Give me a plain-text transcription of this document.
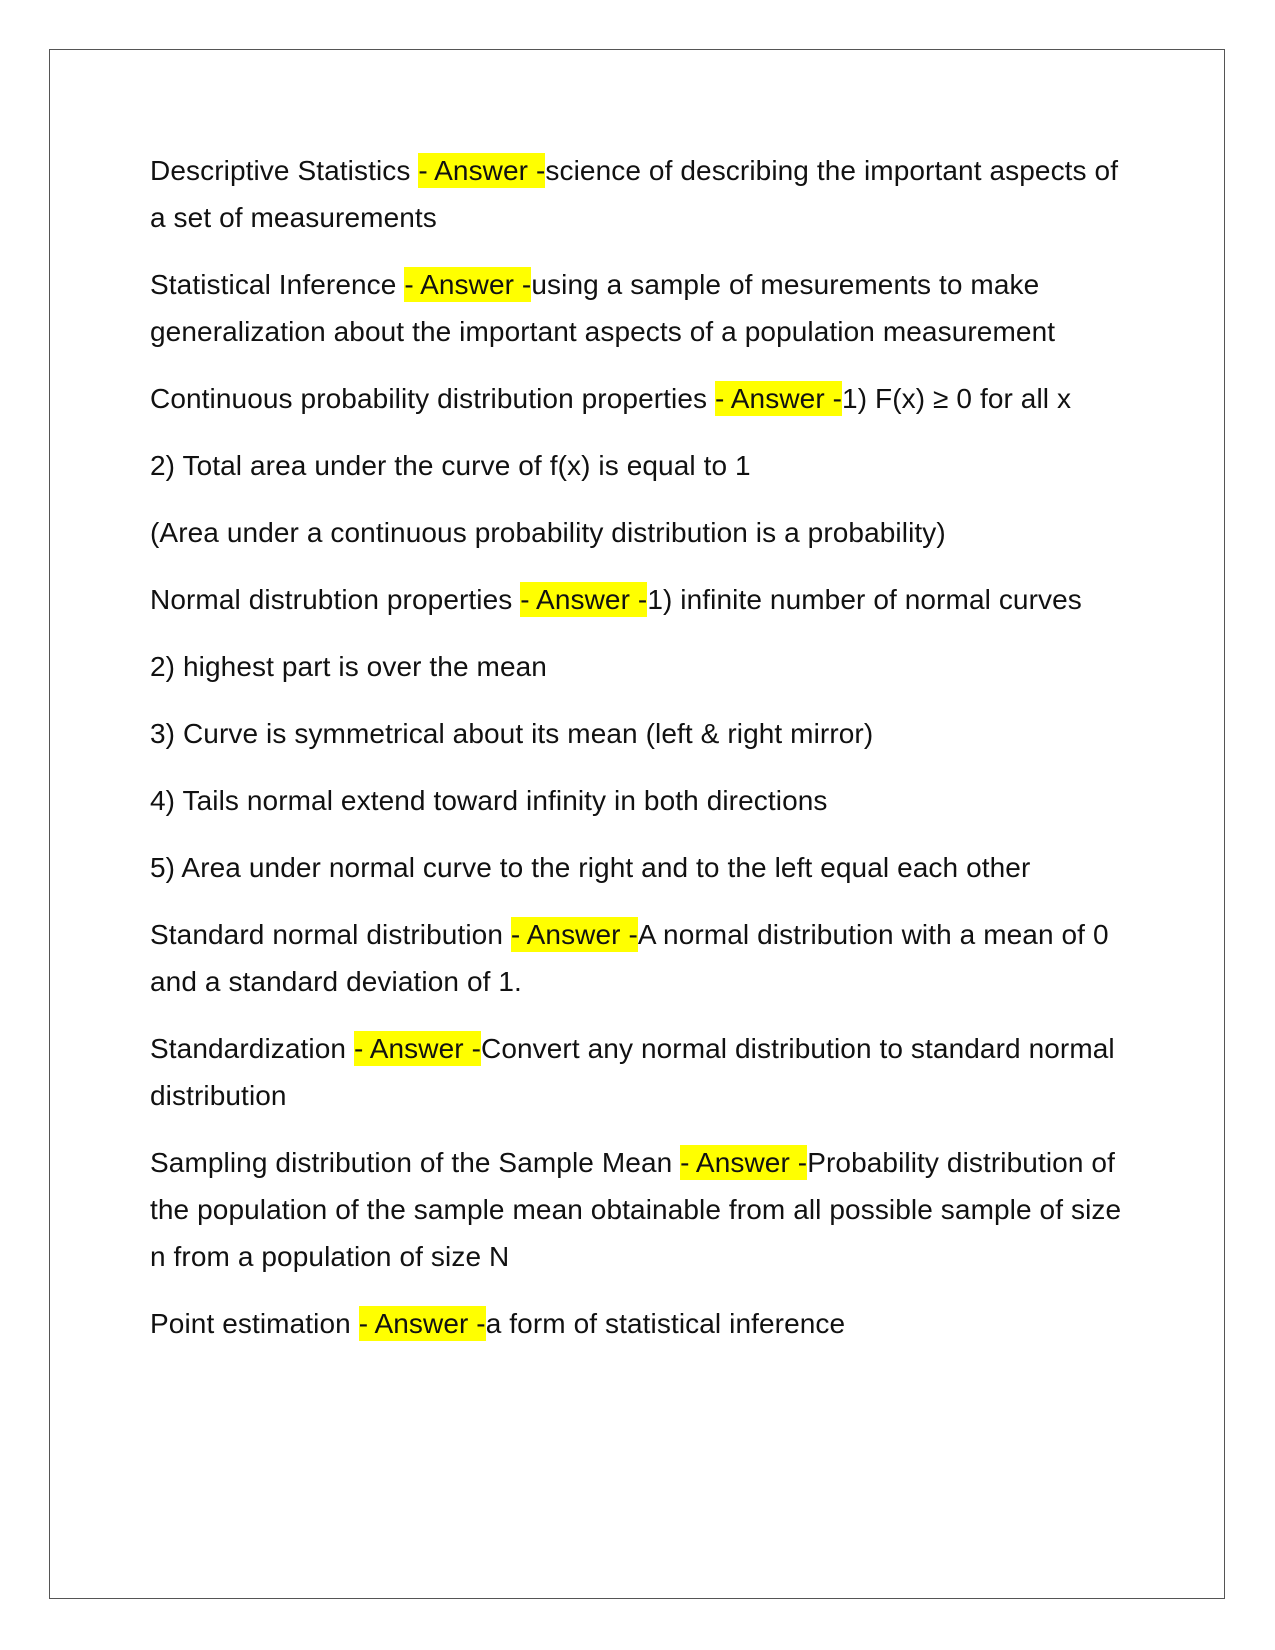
Descriptive Statistics - Answer -science of describing the important aspects of a set of measurements

Statistical Inference - Answer -using a sample of mesurements to make generalization about the important aspects of a population measurement

Continuous probability distribution properties - Answer -1) F(x) ≥ 0 for all x

2) Total area under the curve of f(x) is equal to 1

(Area under a continuous probability distribution is a probability)

Normal distrubtion properties - Answer -1) infinite number of normal curves

2) highest part is over the mean

3) Curve is symmetrical about its mean (left & right mirror)

4) Tails normal extend toward infinity in both directions

5) Area under normal curve to the right and to the left equal each other

Standard normal distribution - Answer -A normal distribution with a mean of 0 and a standard deviation of 1.

Standardization - Answer -Convert any normal distribution to standard normal distribution

Sampling distribution of the Sample Mean - Answer -Probability distribution of the population of the sample mean obtainable from all possible sample of size n from a population of size N

Point estimation - Answer -a form of statistical inference
